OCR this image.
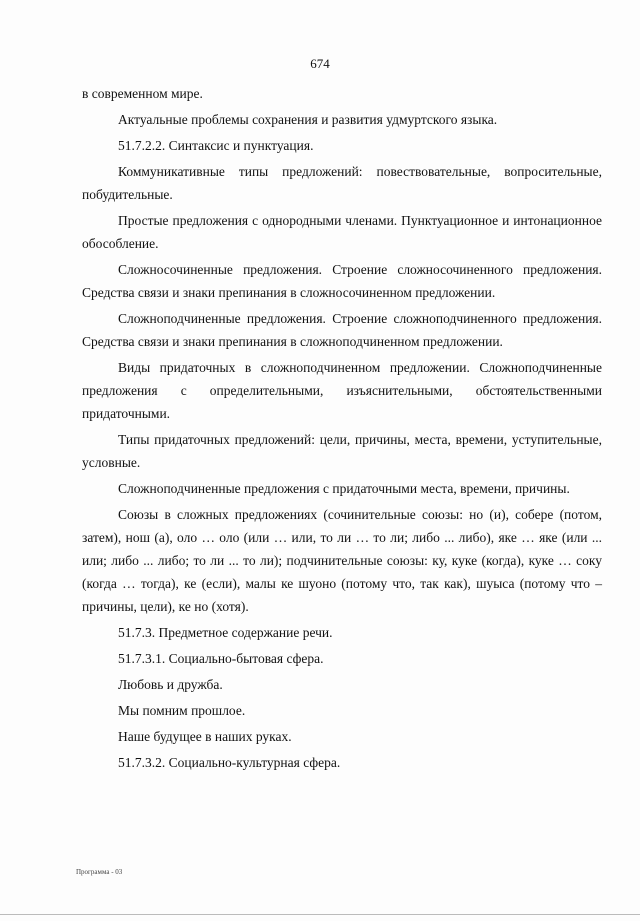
674

в современном мире.

Актуальные проблемы сохранения и развития удмуртского языка.

51.7.2.2. Синтаксис и пунктуация.

Коммуникативные типы предложений: повествовательные, вопросительные, побудительные.

Простые предложения с однородными членами. Пунктуационное и интонационное обособление.

Сложносочиненные предложения. Строение сложносочиненного предложения. Средства связи и знаки препинания в сложносочиненном предложении.

Сложноподчиненные предложения. Строение сложноподчиненного предложения. Средства связи и знаки препинания в сложноподчиненном предложении.

Виды придаточных в сложноподчиненном предложении. Сложноподчиненные предложения с определительными, изъяснительными, обстоятельственными придаточными.

Типы придаточных предложений: цели, причины, места, времени, уступительные, условные.

Сложноподчиненные предложения с придаточными места, времени, причины.

Союзы в сложных предложениях (сочинительные союзы: но (и), собере (потом, затем), нош (а), оло … оло (или … или, то ли … то ли; либо ... либо), яке … яке (или ... или; либо ... либо; то ли ... то ли); подчинительные союзы: ку, куке (когда), куке … соку (когда … тогда), ке (если), малы ке шуоно (потому что, так как), шуыса (потому что – причины, цели), ке но (хотя).

51.7.3. Предметное содержание речи.

51.7.3.1. Социально-бытовая сфера.

Любовь и дружба.

Мы помним прошлое.

Наше будущее в наших руках.

51.7.3.2. Социально-культурная сфера.

Программа - 03
